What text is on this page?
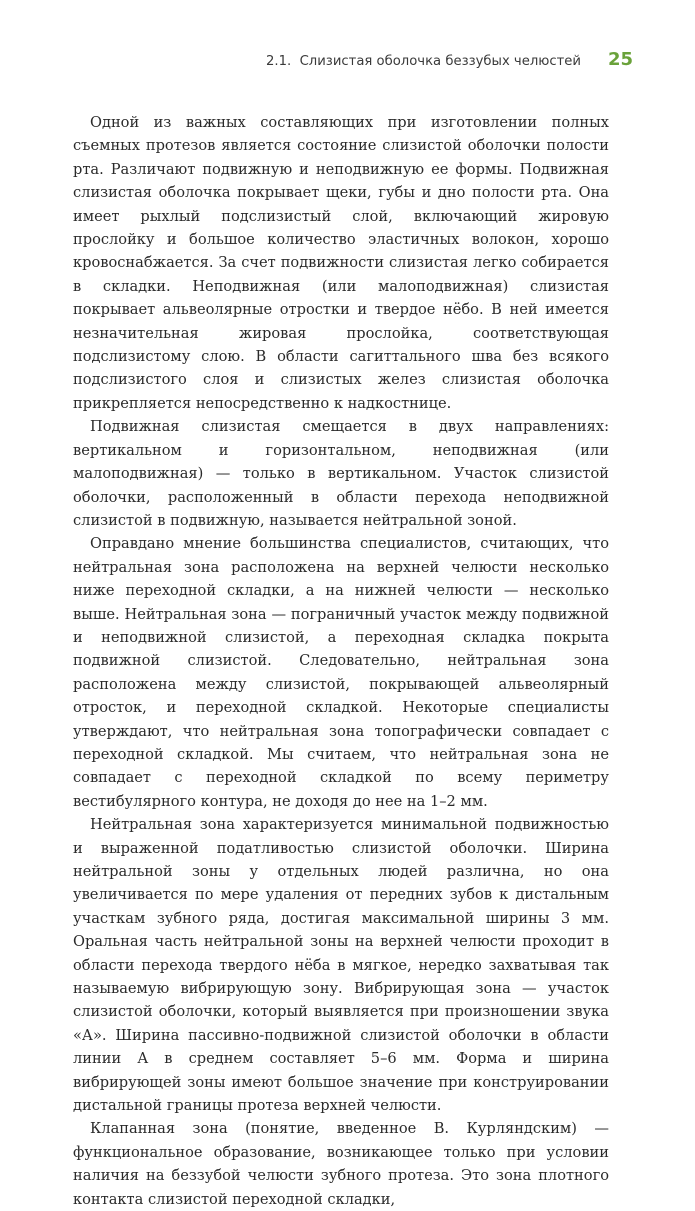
2.1.  Слизистая оболочка беззубых челюстей 25

Одной из важных составляющих при изготовлении полных съемных протезов является состояние слизистой оболочки полости рта. Различают подвижную и неподвижную ее формы. Подвижная слизистая оболочка покрывает щеки, губы и дно полости рта. Она имеет рыхлый подслизистый слой, включающий жировую прослойку и большое количество эластичных волокон, хорошо кровоснабжается. За счет подвижности слизистая легко собирается в складки. Неподвижная (или малоподвижная) слизистая покрывает альвеолярные отростки и твердое нёбо. В ней имеется незначительная жировая прослойка, соответствующая подслизистому слою. В области сагиттального шва без всякого подслизистого слоя и слизистых желез слизистая оболочка прикрепляется непосредственно к надкостнице.

Подвижная слизистая смещается в двух направлениях: вертикальном и горизонтальном, неподвижная (или малоподвижная) — только в вертикальном. Участок слизистой оболочки, расположенный в области перехода неподвижной слизистой в подвижную, называется нейтральной зоной.

Оправдано мнение большинства специалистов, считающих, что нейтральная зона расположена на верхней челюсти несколько ниже переходной складки, а на нижней челюсти — несколько выше. Нейтральная зона — пограничный участок между подвижной и неподвижной слизистой, а переходная складка покрыта подвижной слизистой. Следовательно, нейтральная зона расположена между слизистой, покрывающей альвеолярный отросток, и переходной складкой. Некоторые специалисты утверждают, что нейтральная зона топографически совпадает с переходной складкой. Мы считаем, что нейтральная зона не совпадает с переходной складкой по всему периметру вестибулярного контура, не доходя до нее на 1–2 мм.

Нейтральная зона характеризуется минимальной подвижностью и выраженной податливостью слизистой оболочки. Ширина нейтральной зоны у отдельных людей различна, но она увеличивается по мере удаления от передних зубов к дистальным участкам зубного ряда, достигая максимальной ширины 3 мм. Оральная часть нейтральной зоны на верхней челюсти проходит в области перехода твердого нёба в мягкое, нередко захватывая так называемую вибрирующую зону. Вибрирующая зона — участок слизистой оболочки, который выявляется при произношении звука «А». Ширина пассивно-подвижной слизистой оболочки в области линии А в среднем составляет 5–6 мм. Форма и ширина вибрирующей зоны имеют большое значение при конструировании дистальной границы протеза верхней челюсти.

Клапанная зона (понятие, введенное В. Курляндским) — функциональное образование, возникающее только при условии наличия на беззубой челюсти зубного протеза. Это зона плотного контакта слизистой переходной складки,
